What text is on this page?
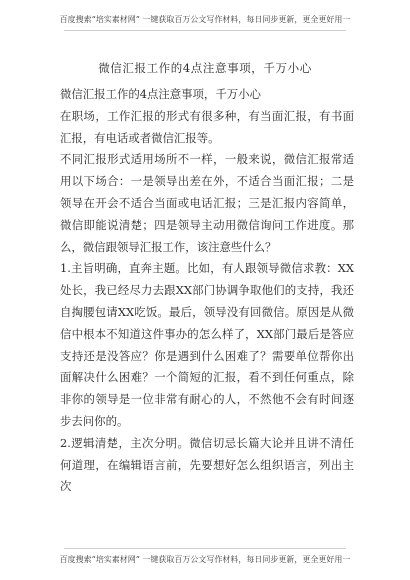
百度搜索“培实素材网” 一键获取百万公文写作材料，每日同步更新，更全更好用一
微信汇报工作的4点注意事项，千万小心

微信汇报工作的4点注意事项，千万小心

在职场，工作汇报的形式有很多种，有当面汇报，有书面汇报，有电话或者微信汇报等。

不同汇报形式适用场所不一样，一般来说，微信汇报常适用以下场合：一是领导出差在外，不适合当面汇报；二是领导在开会不适合当面或电话汇报；三是汇报内容简单，微信即能说清楚；四是领导主动用微信询问工作进度。那么，微信跟领导汇报工作，该注意些什么？

1.主旨明确，直奔主题。比如，有人跟领导微信求教：XX处长，我已经尽力去跟XX部门协调争取他们的支持，我还自掏腰包请XX吃饭。最后，领导没有回微信。原因是从微信中根本不知道这件事办的怎么样了，XX部门最后是答应支持还是没答应？你是遇到什么困难了？需要单位帮你出面解决什么困难？一个简短的汇报，看不到任何重点，除非你的领导是一位非常有耐心的人，不然他不会有时间逐步去问你的。

2.逻辑清楚，主次分明。微信切忌长篇大论并且讲不清任何道理，在编辑语言前，先要想好怎么组织语言，列出主次

百度搜索“培实素材网” 一键获取百万公文写作材料，每日同步更新，更全更好用一
